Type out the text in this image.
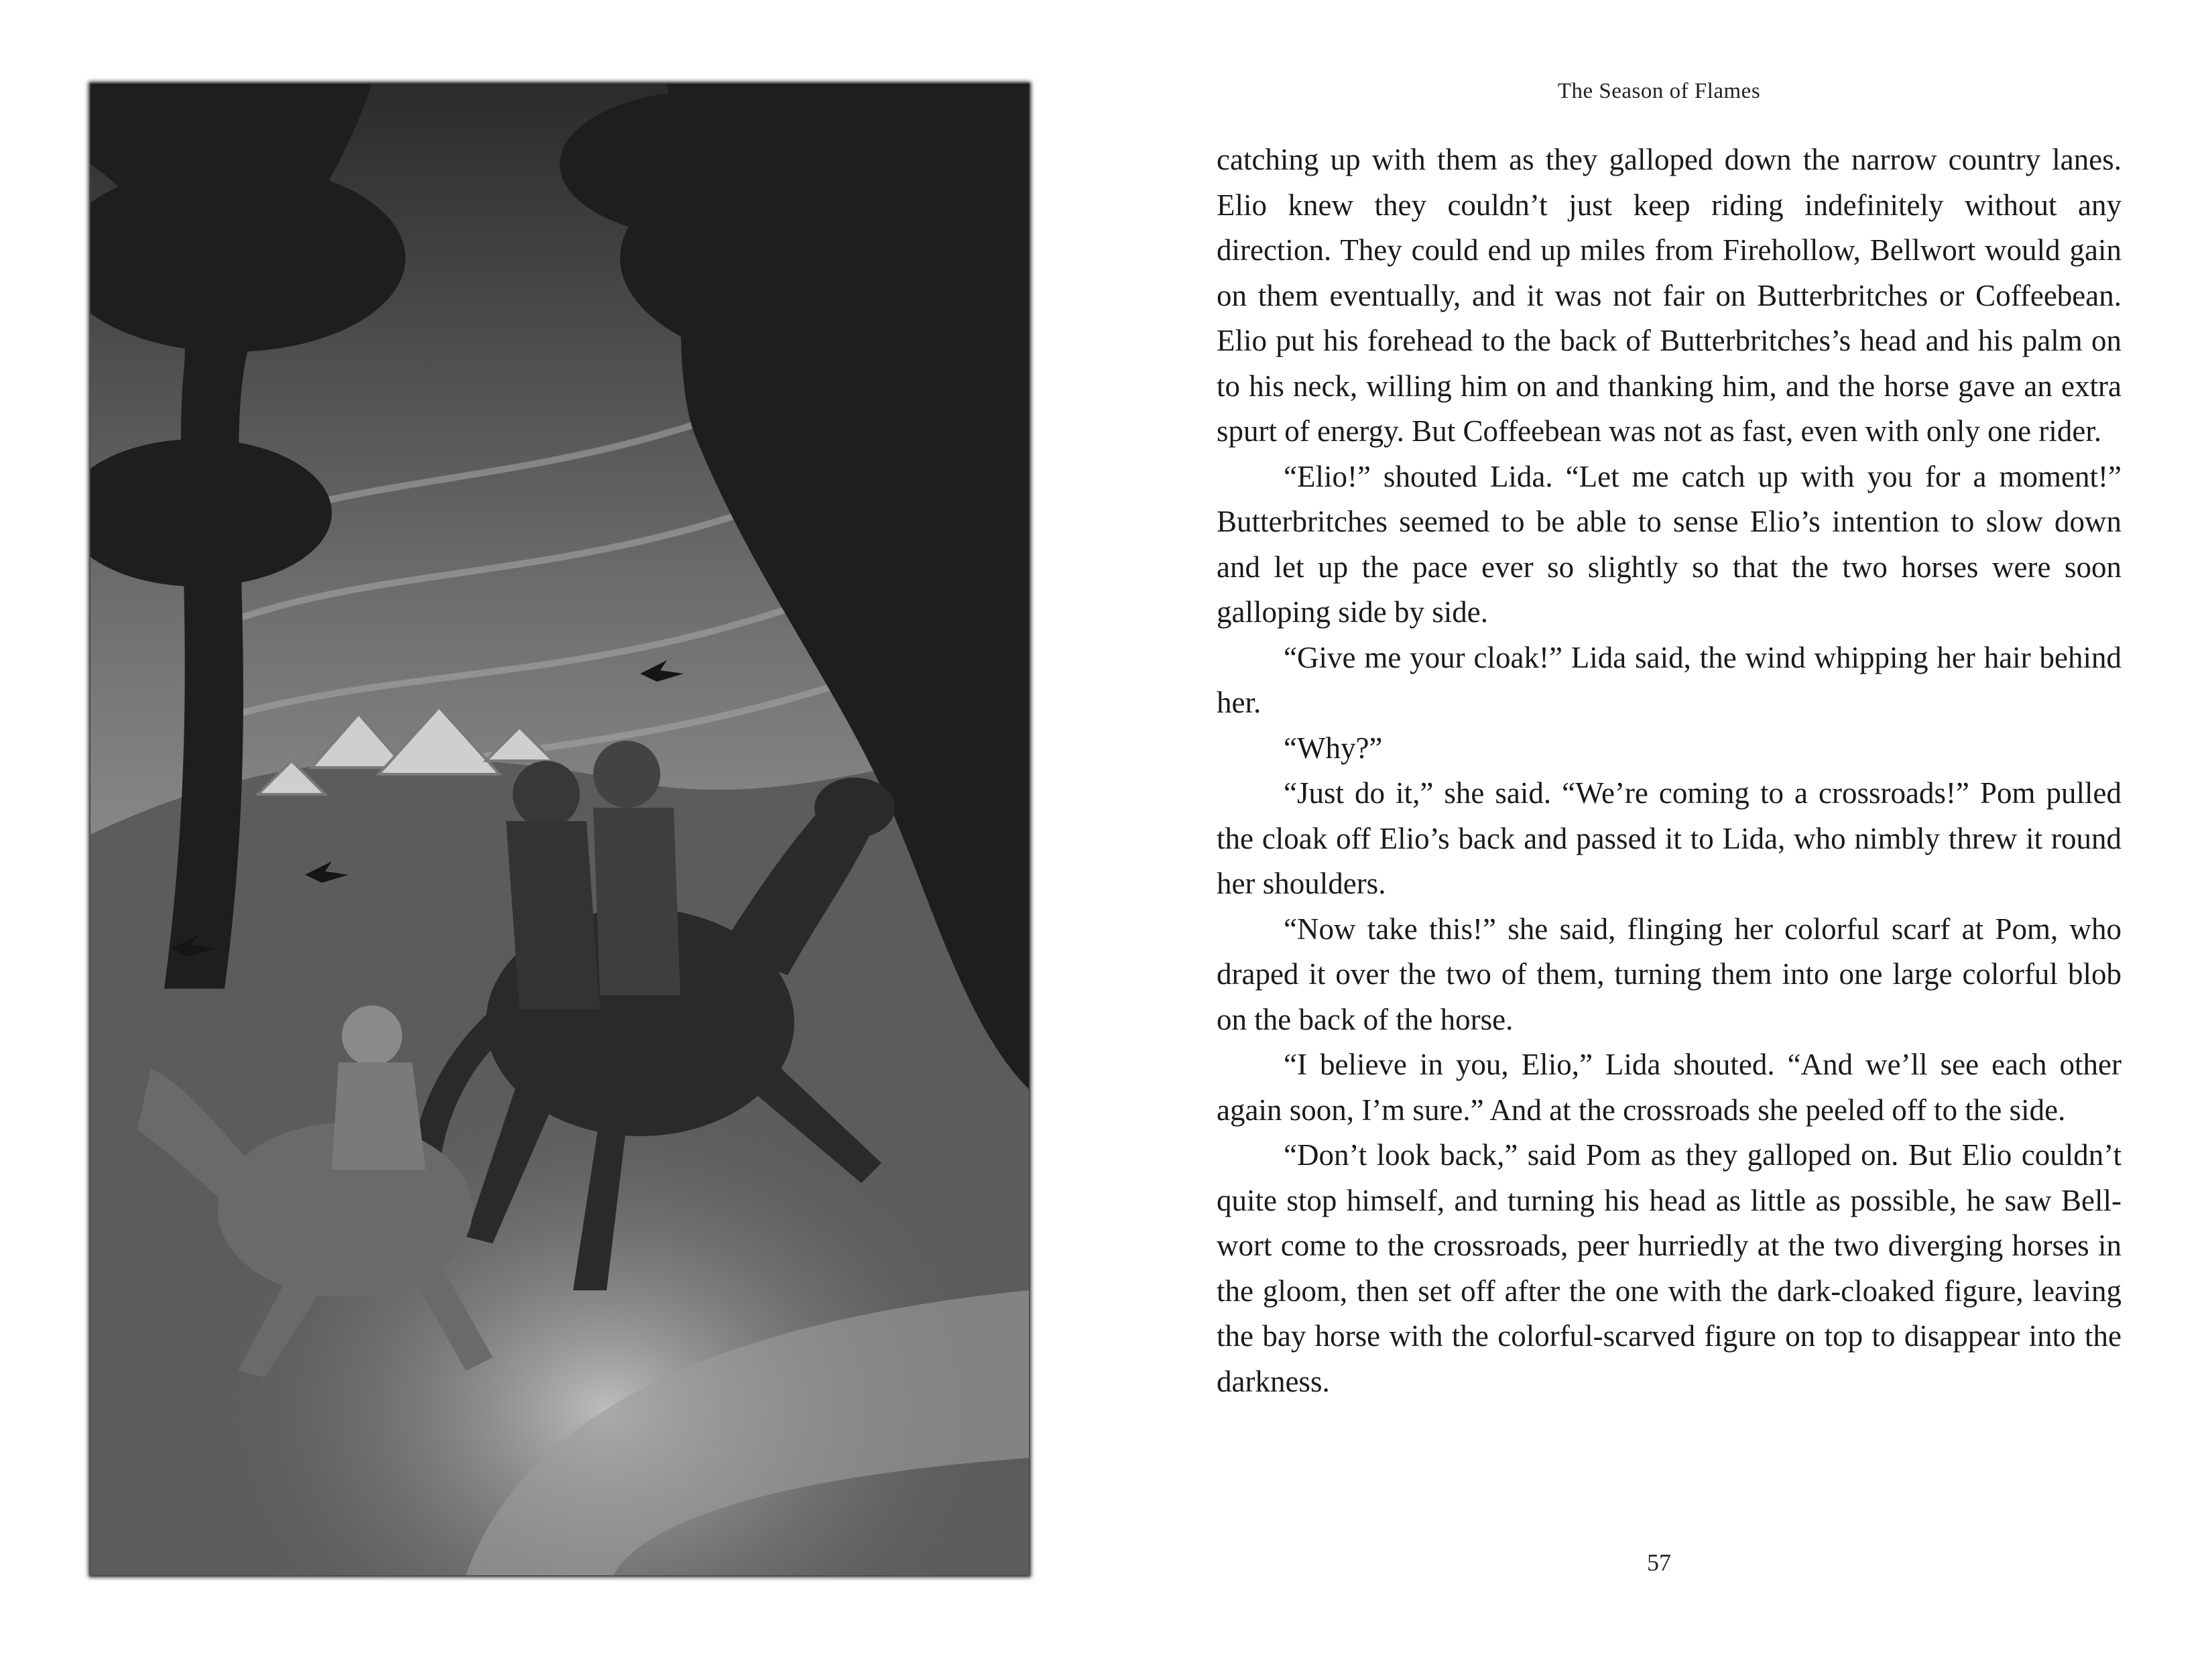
The Season of Flames

catching up with them as they galloped down the narrow country lanes. Elio knew they couldn’t just keep riding indefinitely without any direction. They could end up miles from Firehollow, Bellwort would gain on them eventually, and it was not fair on Butterbritches or Coffeebean. Elio put his forehead to the back of Butterbritches’s head and his palm on to his neck, willing him on and thanking him, and the horse gave an extra spurt of energy. But Coffeebean was not as fast, even with only one rider.

“Elio!” shouted Lida. “Let me catch up with you for a moment!” Butterbritches seemed to be able to sense Elio’s intention to slow down and let up the pace ever so slightly so that the two horses were soon galloping side by side.

“Give me your cloak!” Lida said, the wind whipping her hair behind her.

“Why?”

“Just do it,” she said. “We’re coming to a crossroads!” Pom pulled the cloak off Elio’s back and passed it to Lida, who nimbly threw it round her shoulders.

“Now take this!” she said, flinging her colorful scarf at Pom, who draped it over the two of them, turning them into one large colorful blob on the back of the horse.

“I believe in you, Elio,” Lida shouted. “And we’ll see each other again soon, I’m sure.” And at the crossroads she peeled off to the side.

“Don’t look back,” said Pom as they galloped on. But Elio couldn’t quite stop himself, and turning his head as little as possible, he saw Bellwort come to the crossroads, peer hurriedly at the two diverging horses in the gloom, then set off after the one with the dark-cloaked figure, leaving the bay horse with the colorful-scarved figure on top to disappear into the darkness.

57
